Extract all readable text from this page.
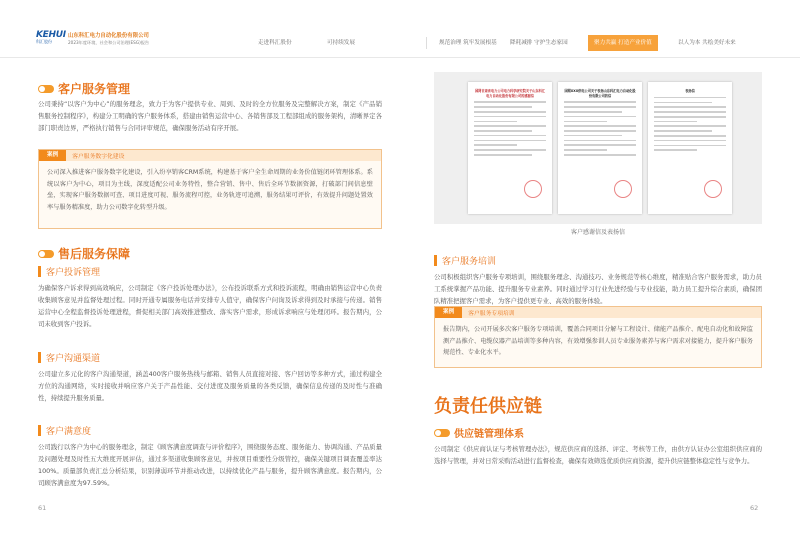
KEHUI
科汇股份
山东科汇电力自动化股份有限公司
2023年度环境、社会和公司治理(ESG)报告	走进科汇股份	可持续发展	规范治理 筑牢发展根基 降耗减排 守护生态家园	聚力共赢 打造产业价值	以人为本 共绘美好未来
客户服务管理
公司秉持“以客户为中心”的服务理念，致力于为客户提供专业、周到、及时的全方位服务及完整解决方案，制定《产品销售服务控制程序》，构建分工明确的客户服务体系，搭建由销售运营中心、各销售部及工程部组成的服务架构，清晰界定各部门职责边界，严格执行销售与合同评审规范，确保服务活动有序开展。
案例	客户服务数字化建设
公司深入推进客户服务数字化建设，引入纷享销客CRM系统，构建基于客户全生命周期的业务价值链闭环管理体系。系统以客户为中心，项目为主线，深度适配公司业务特性，整合营销、售中、售后全环节数据资源，打破部门间信息壁垒，实现客户服务数据可查、项目进度可视、服务流程可控，业务轨迹可追溯，服务结果可评价，有效提升问题处置效率与服务精准度，助力公司数字化转型升级。
售后服务保障
客户投诉管理
为确保客户诉求得到高效响应，公司制定《客户投诉处理办法》，公布投诉联系方式和投诉流程，明确由销售运营中心负责收集顾客意见并监督处理过程。同时开通专属服务电话并安排专人值守，确保客户问询及诉求得到及时承接与传递。销售运营中心全程监督投诉处理进程，督促相关部门高效推进整改、落实客户需求，形成诉求响应与处理闭环。报告期内，公司未收到客户投诉。
客户沟通渠道
公司建立多元化的客户沟通渠道，涵盖400客户服务热线与邮箱、销售人员直接对接、客户回访等多种方式，通过构建全方位的沟通网络，实时接收并响应客户关于产品性能、交付进度及服务质量的各类反馈，确保信息传递的及时性与准确性，持续提升服务质量。
客户满意度
公司践行以客户为中心的服务理念，制定《顾客满意度调查与评价程序》，围绕服务态度、服务能力、协调沟通、产品质量及问题处理及时性五大维度开展评估，通过多渠道收集顾客意见，并按项目重要性分级管控，确保关键项目调查覆盖率达100%。质量部负责汇总分析结果，识别薄弱环节并推动改进，以持续优化产品与服务，提升顾客满意度。报告期内，公司顾客满意度为97.59%。
61
国网甘肃省电力公司电力科学研究院关于山东科汇电力自动化股份有限公司的感谢信
国网XXX供电公司关于表扬山东科汇电力自动化股份有限公司的信
表扬信
客户感谢信及表扬信
客户服务培训
公司积极组织客户服务专项培训，围绕服务理念、沟通技巧、业务规范等核心维度，精准贴合客户服务需求，助力员工系统掌握产品功能、提升服务专业素养。同时通过学习行业先进经验与专业技能，助力员工提升综合素质，确保团队精准把握客户需求，为客户提供更专业、高效的服务体验。
案例	客户服务专项培训
报告期内，公司开展多次客户服务专项培训，覆盖合同项目分解与工程设计、储能产品推介、配电自动化和故障监测产品推介、电缆仪器产品培训等多种内容，有效增强参训人员专业服务素养与客户需求对接能力，提升客户服务规范性、专业化水平。
负责任供应链
供应链管理体系
公司制定《供应商认证与考核管理办法》，规范供应商的选择、评定、考核等工作，由供方认证办公室组织供应商的选择与管理，并对日常采购活动进行监督检查，确保有效筛选优质供应商资源，提升供应链整体稳定性与竞争力。
62
